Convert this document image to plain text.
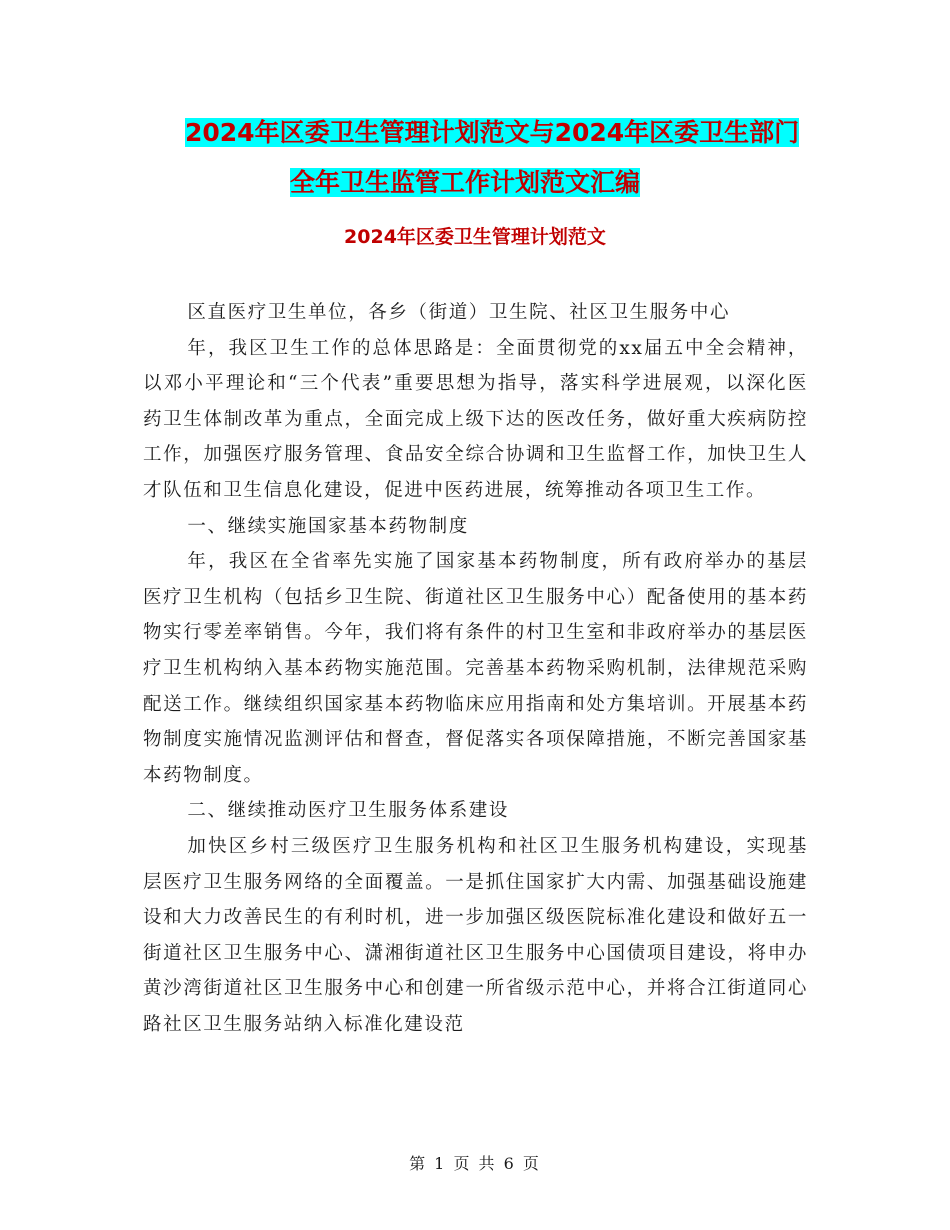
2024年区委卫生管理计划范文与2024年区委卫生部门
全年卫生监管工作计划范文汇编
2024年区委卫生管理计划范文

区直医疗卫生单位，各乡（街道）卫生院、社区卫生服务中心

年，我区卫生工作的总体思路是：全面贯彻党的xx届五中全会精神，以邓小平理论和“三个代表”重要思想为指导，落实科学进展观，以深化医药卫生体制改革为重点，全面完成上级下达的医改任务，做好重大疾病防控工作，加强医疗服务管理、食品安全综合协调和卫生监督工作，加快卫生人才队伍和卫生信息化建设，促进中医药进展，统筹推动各项卫生工作。

一、继续实施国家基本药物制度

年，我区在全省率先实施了国家基本药物制度，所有政府举办的基层医疗卫生机构（包括乡卫生院、街道社区卫生服务中心）配备使用的基本药物实行零差率销售。今年，我们将有条件的村卫生室和非政府举办的基层医疗卫生机构纳入基本药物实施范围。完善基本药物采购机制，法律规范采购配送工作。继续组织国家基本药物临床应用指南和处方集培训。开展基本药物制度实施情况监测评估和督查，督促落实各项保障措施，不断完善国家基本药物制度。

二、继续推动医疗卫生服务体系建设

加快区乡村三级医疗卫生服务机构和社区卫生服务机构建设，实现基层医疗卫生服务网络的全面覆盖。一是抓住国家扩大内需、加强基础设施建设和大力改善民生的有利时机，进一步加强区级医院标准化建设和做好五一街道社区卫生服务中心、潇湘街道社区卫生服务中心国债项目建设，将申办黄沙湾街道社区卫生服务中心和创建一所省级示范中心，并将合江街道同心路社区卫生服务站纳入标准化建设范

第 1 页 共 6 页
